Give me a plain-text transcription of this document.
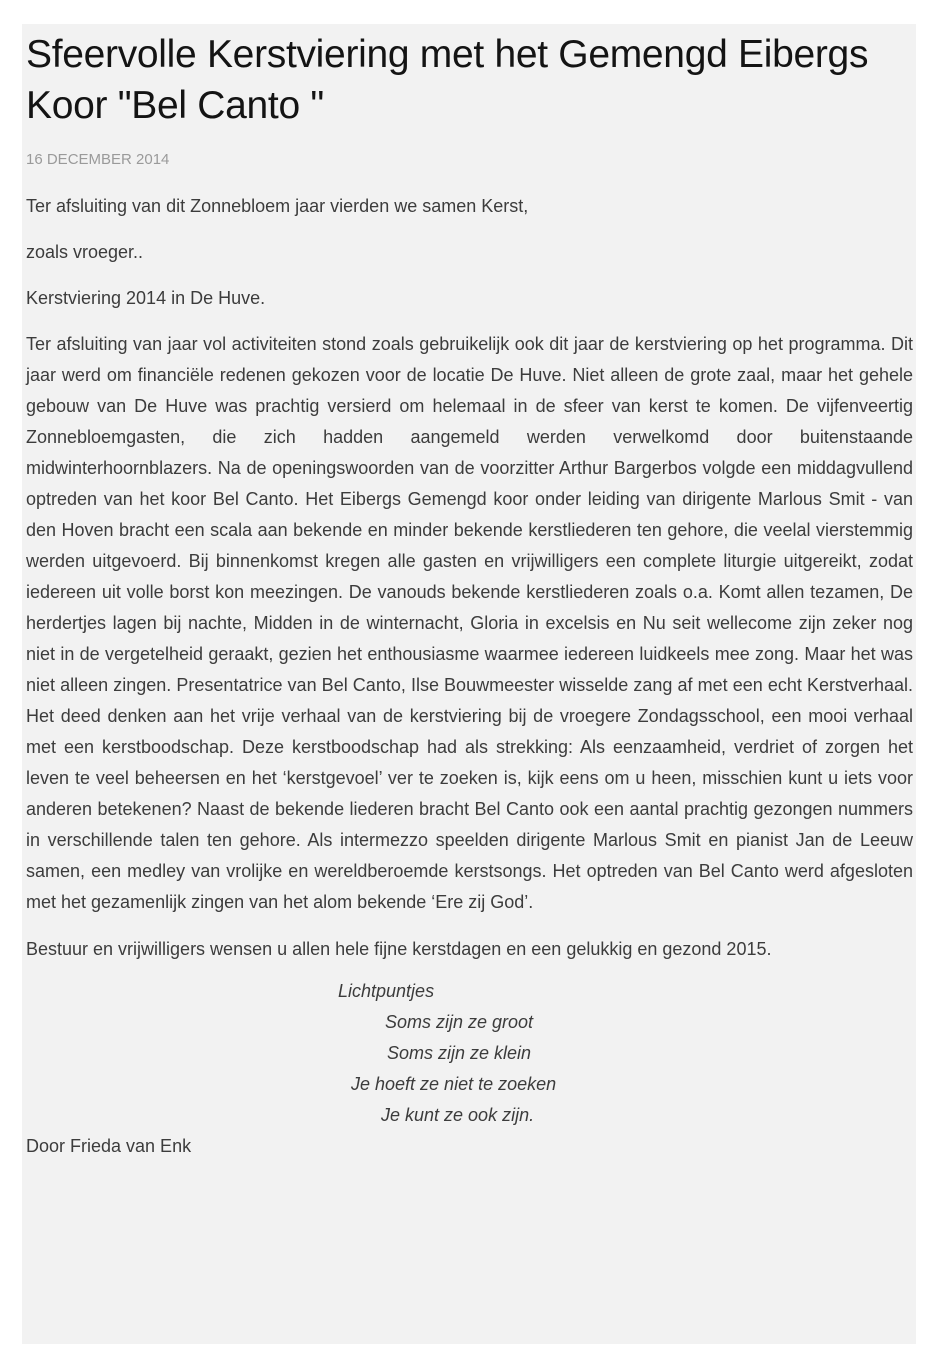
Sfeervolle Kerstviering met het Gemengd Eibergs Koor "Bel Canto "
16 DECEMBER 2014

Ter afsluiting van dit Zonnebloem jaar vierden we samen Kerst,

zoals vroeger..

Kerstviering 2014 in De Huve.

Ter afsluiting van jaar vol activiteiten stond zoals gebruikelijk ook dit jaar de kerstviering op het programma. Dit jaar werd om financiële redenen gekozen voor de locatie De Huve. Niet alleen de grote zaal, maar het gehele gebouw van De Huve was prachtig versierd om helemaal in de sfeer van kerst te komen. De vijfenveertig Zonnebloemgasten, die zich hadden aangemeld werden verwelkomd door buitenstaande midwinterhoornblazers. Na de openingswoorden van de voorzitter Arthur Bargerbos volgde een middagvullend optreden van het koor Bel Canto. Het Eibergs Gemengd koor onder leiding van dirigente Marlous Smit - van den Hoven bracht een scala aan bekende en minder bekende kerstliederen ten gehore, die veelal vierstemmig werden uitgevoerd. Bij binnenkomst kregen alle gasten en vrijwilligers een complete liturgie uitgereikt, zodat iedereen uit volle borst kon meezingen. De vanouds bekende kerstliederen zoals o.a. Komt allen tezamen, De herdertjes lagen bij nachte, Midden in de winternacht, Gloria in excelsis en Nu seit wellecome zijn zeker nog niet in de vergetelheid geraakt, gezien het enthousiasme waarmee iedereen luidkeels mee zong. Maar het was niet alleen zingen. Presentatrice van Bel Canto, Ilse Bouwmeester wisselde zang af met een echt Kerstverhaal. Het deed denken aan het vrije verhaal van de kerstviering bij de vroegere Zondagsschool, een mooi verhaal met een kerstboodschap. Deze kerstboodschap had als strekking: Als eenzaamheid, verdriet of zorgen het leven te veel beheersen en het ‘kerstgevoel’ ver te zoeken is, kijk eens om u heen, misschien kunt u iets voor anderen betekenen? Naast de bekende liederen bracht Bel Canto ook een aantal prachtig gezongen nummers in verschillende talen ten gehore. Als intermezzo speelden dirigente Marlous Smit en pianist Jan de Leeuw samen, een medley van vrolijke en wereldberoemde kerstsongs. Het optreden van Bel Canto werd afgesloten met het gezamenlijk zingen van het alom bekende ‘Ere zij God’.

Bestuur en vrijwilligers wensen u allen hele fijne kerstdagen en een gelukkig en gezond 2015.

Lichtpuntjes
Soms zijn ze groot
Soms zijn ze klein
Je hoeft ze niet te zoeken
Je kunt ze ook zijn.

Door Frieda van Enk
